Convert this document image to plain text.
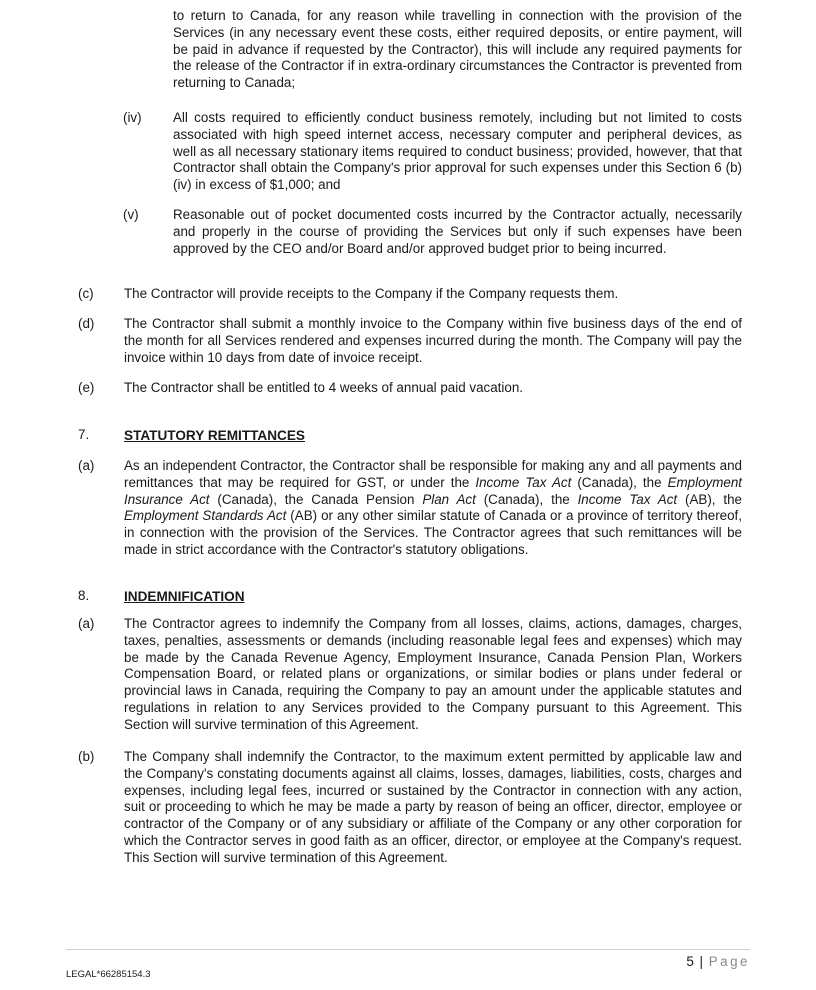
to return to Canada, for any reason while travelling in connection with the provision of the Services (in any necessary event these costs, either required deposits, or entire payment, will be paid in advance if requested by the Contractor), this will include any required payments for the release of the Contractor if in extra-ordinary circumstances the Contractor is prevented from returning to Canada;
(iv) All costs required to efficiently conduct business remotely, including but not limited to costs associated with high speed internet access, necessary computer and peripheral devices, as well as all necessary stationary items required to conduct business; provided, however, that that Contractor shall obtain the Company's prior approval for such expenses under this Section 6 (b)(iv) in excess of $1,000; and
(v)	Reasonable out of pocket documented costs incurred by the Contractor actually, necessarily and properly in the course of providing the Services but only if such expenses have been approved by the CEO and/or Board and/or approved budget prior to being incurred.
(c) The Contractor will provide receipts to the Company if the Company requests them.
(d) The Contractor shall submit a monthly invoice to the Company within five business days of the end of the month for all Services rendered and expenses incurred during the month. The Company will pay the invoice within 10 days from date of invoice receipt.
(e) The Contractor shall be entitled to 4 weeks of annual paid vacation.
7.	STATUTORY REMITTANCES
(a) As an independent Contractor, the Contractor shall be responsible for making any and all payments and remittances that may be required for GST, or under the Income Tax Act (Canada), the Employment Insurance Act (Canada), the Canada Pension Plan Act (Canada), the Income Tax Act (AB), the Employment Standards Act (AB) or any other similar statute of Canada or a province of territory thereof, in connection with the provision of the Services. The Contractor agrees that such remittances will be made in strict accordance with the Contractor's statutory obligations.
8.	INDEMNIFICATION
(a) The Contractor agrees to indemnify the Company from all losses, claims, actions, damages, charges, taxes, penalties, assessments or demands (including reasonable legal fees and expenses) which may be made by the Canada Revenue Agency, Employment Insurance, Canada Pension Plan, Workers Compensation Board, or related plans or organizations, or similar bodies or plans under federal or provincial laws in Canada, requiring the Company to pay an amount under the applicable statutes and regulations in relation to any Services provided to the Company pursuant to this Agreement. This Section will survive termination of this Agreement.
(b) The Company shall indemnify the Contractor, to the maximum extent permitted by applicable law and the Company's constating documents against all claims, losses, damages, liabilities, costs, charges and expenses, including legal fees, incurred or sustained by the Contractor in connection with any action, suit or proceeding to which he may be made a party by reason of being an officer, director, employee or contractor of the Company or of any subsidiary or affiliate of the Company or any other corporation for which the Contractor serves in good faith as an officer, director, or employee at the Company's request. This Section will survive termination of this Agreement.
5 | Page
LEGAL*66285154.3
